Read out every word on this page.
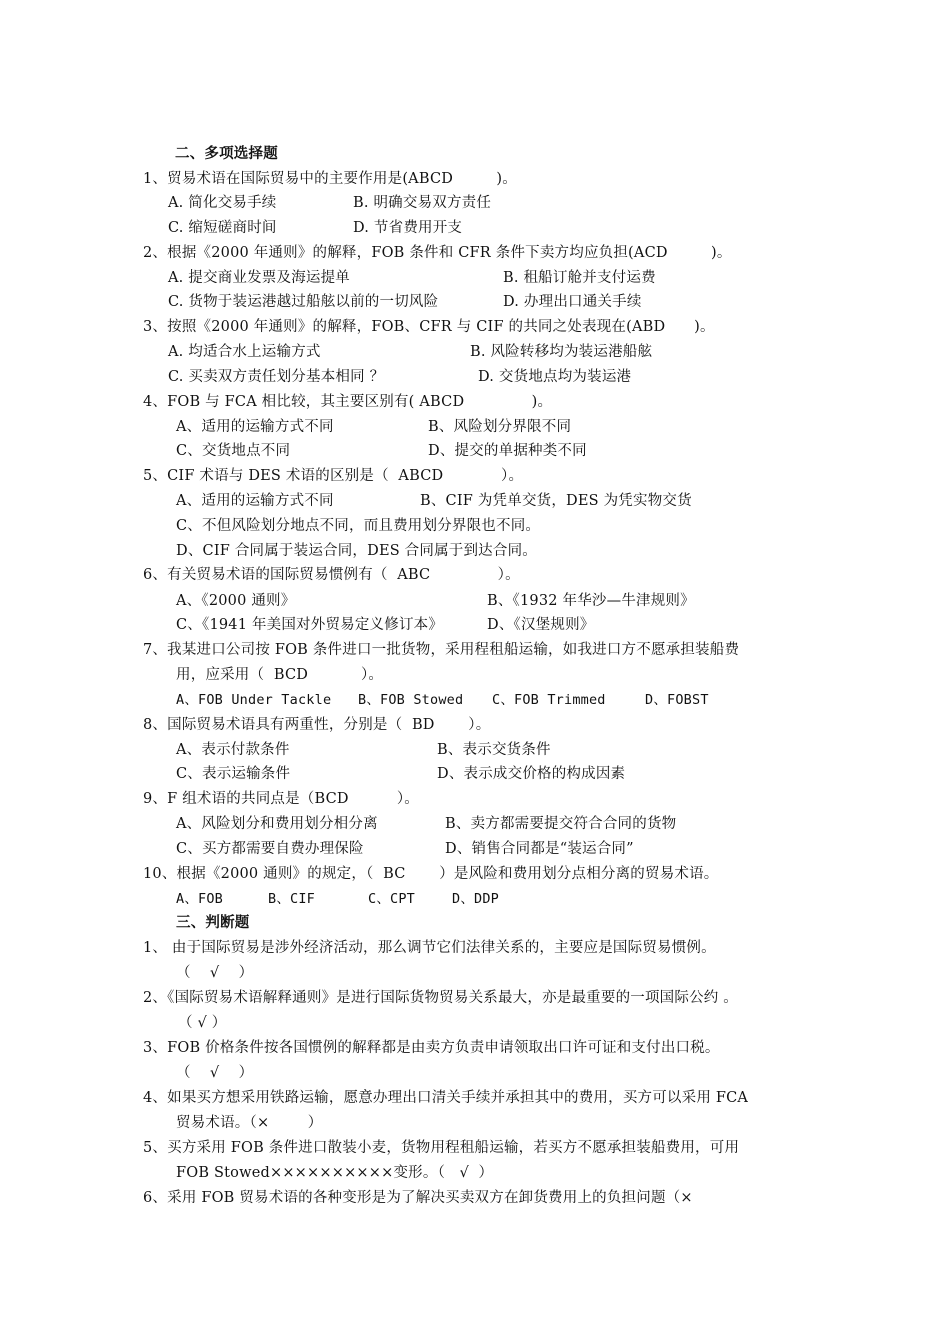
二、多项选择题
1、贸易术语在国际贸易中的主要作用是(ABCD         )。
A. 简化交易手续	B. 明确交易双方责任
C. 缩短磋商时间	D. 节省费用开支
2、根据《2000 年通则》的解释，FOB 条件和 CFR 条件下卖方均应负担(ACD         )。
A. 提交商业发票及海运提单	B. 租船订舱并支付运费
C. 货物于装运港越过船舷以前的一切风险	D. 办理出口通关手续
3、按照《2000 年通则》的解释，FOB、CFR 与 CIF 的共同之处表现在(ABD      )。
A. 均适合水上运输方式	B. 风险转移均为装运港船舷
C. 买卖双方责任划分基本相同 ？	D. 交货地点均为装运港
4、FOB 与 FCA 相比较，其主要区别有( ABCD              )。
A、适用的运输方式不同	B、风险划分界限不同
C、交货地点不同	D、提交的单据种类不同
5、CIF 术语与 DES 术语的区别是（  ABCD            ）。
A、适用的运输方式不同	B、CIF 为凭单交货，DES 为凭实物交货
C、不但风险划分地点不同，而且费用划分界限也不同。
D、CIF 合同属于装运合同，DES 合同属于到达合同。
6、有关贸易术语的国际贸易惯例有（  ABC              ）。
A、《2000 通则》	B、《1932 年华沙—牛津规则》
C、《1941 年美国对外贸易定义修订本》	D、《汉堡规则》
7、我某进口公司按 FOB 条件进口一批货物，采用程租船运输，如我进口方不愿承担装船费
用，应采用（  BCD           ）。
A、FOB Under Tackle B、FOB Stowed C、FOB Trimmed	D、FOBST
8、国际贸易术语具有两重性，分别是（  BD       ）。
A、表示付款条件	B、表示交货条件
C、表示运输条件	D、表示成交价格的构成因素
9、F 组术语的共同点是（BCD          ）。
A、风险划分和费用划分相分离	B、卖方都需要提交符合合同的货物
C、买方都需要自费办理保险	D、销售合同都是“装运合同”
10、根据《2000 通则》的规定，（  BC       ）是风险和费用划分点相分离的贸易术语。
A、FOB	B、CIF	C、CPT	D、DDP
三、判断题
1、 由于国际贸易是涉外经济活动，那么调节它们法律关系的，主要应是国际贸易惯例。
（    √    ）
2、《国际贸易术语解释通则》是进行国际货物贸易关系最大，亦是最重要的一项国际公约 。
（ √ ）
3、FOB 价格条件按各国惯例的解释都是由卖方负责申请领取出口许可证和支付出口税。
（    √    ）
4、如果买方想采用铁路运输，愿意办理出口清关手续并承担其中的费用，买方可以采用 FCA
贸易术语。（×        ）
5、买方采用 FOB 条件进口散装小麦，货物用程租船运输，若买方不愿承担装船费用，可用
FOB Stowed××××××××××变形。（   √  ）
6、采用 FOB 贸易术语的各种变形是为了解决买卖双方在卸货费用上的负担问题（×
